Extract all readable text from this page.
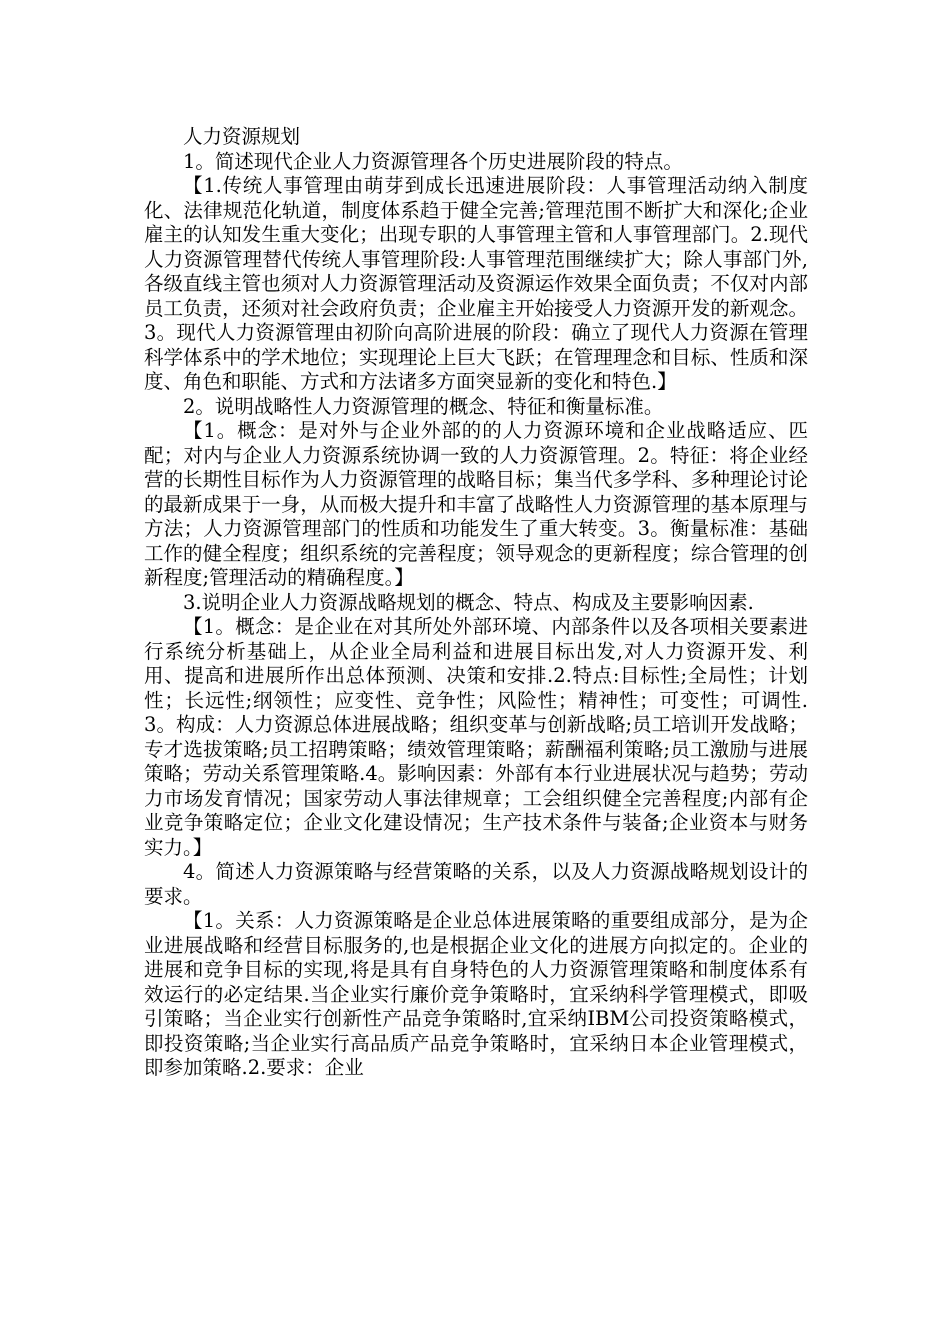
人力资源规划

1。简述现代企业人力资源管理各个历史进展阶段的特点。

【1.传统人事管理由萌芽到成长迅速进展阶段：人事管理活动纳入制度化、法律规范化轨道，制度体系趋于健全完善;管理范围不断扩大和深化;企业雇主的认知发生重大变化；出现专职的人事管理主管和人事管理部门。2.现代人力资源管理替代传统人事管理阶段:人事管理范围继续扩大；除人事部门外,各级直线主管也须对人力资源管理活动及资源运作效果全面负责；不仅对内部员工负责，还须对社会政府负责；企业雇主开始接受人力资源开发的新观念。3。现代人力资源管理由初阶向高阶进展的阶段：确立了现代人力资源在管理科学体系中的学术地位；实现理论上巨大飞跃；在管理理念和目标、性质和深度、角色和职能、方式和方法诸多方面突显新的变化和特色.】

2。说明战略性人力资源管理的概念、特征和衡量标准。

【1。概念：是对外与企业外部的的人力资源环境和企业战略适应、匹配；对内与企业人力资源系统协调一致的人力资源管理。2。特征：将企业经营的长期性目标作为人力资源管理的战略目标；集当代多学科、多种理论讨论的最新成果于一身，从而极大提升和丰富了战略性人力资源管理的基本原理与方法；人力资源管理部门的性质和功能发生了重大转变。3。衡量标准：基础工作的健全程度；组织系统的完善程度；领导观念的更新程度；综合管理的创新程度;管理活动的精确程度。】

3.说明企业人力资源战略规划的概念、特点、构成及主要影响因素.

【1。概念：是企业在对其所处外部环境、内部条件以及各项相关要素进行系统分析基础上，从企业全局利益和进展目标出发,对人力资源开发、利用、提高和进展所作出总体预测、决策和安排.2.特点:目标性;全局性；计划性；长远性;纲领性；应变性、竞争性；风险性；精神性；可变性；可调性.3。构成：人力资源总体进展战略；组织变革与创新战略;员工培训开发战略；专才选拔策略;员工招聘策略；绩效管理策略；薪酬福利策略;员工激励与进展策略；劳动关系管理策略.4。影响因素：外部有本行业进展状况与趋势；劳动力市场发育情况；国家劳动人事法律规章；工会组织健全完善程度;内部有企业竞争策略定位；企业文化建设情况；生产技术条件与装备;企业资本与财务实力。】

4。简述人力资源策略与经营策略的关系，以及人力资源战略规划设计的要求。

【1。关系：人力资源策略是企业总体进展策略的重要组成部分，是为企业进展战略和经营目标服务的,也是根据企业文化的进展方向拟定的。企业的进展和竞争目标的实现,将是具有自身特色的人力资源管理策略和制度体系有效运行的必定结果.当企业实行廉价竞争策略时，宜采纳科学管理模式，即吸引策略；当企业实行创新性产品竞争策略时,宜采纳IBM公司投资策略模式，即投资策略;当企业实行高品质产品竞争策略时，宜采纳日本企业管理模式，即参加策略.2.要求：企业
